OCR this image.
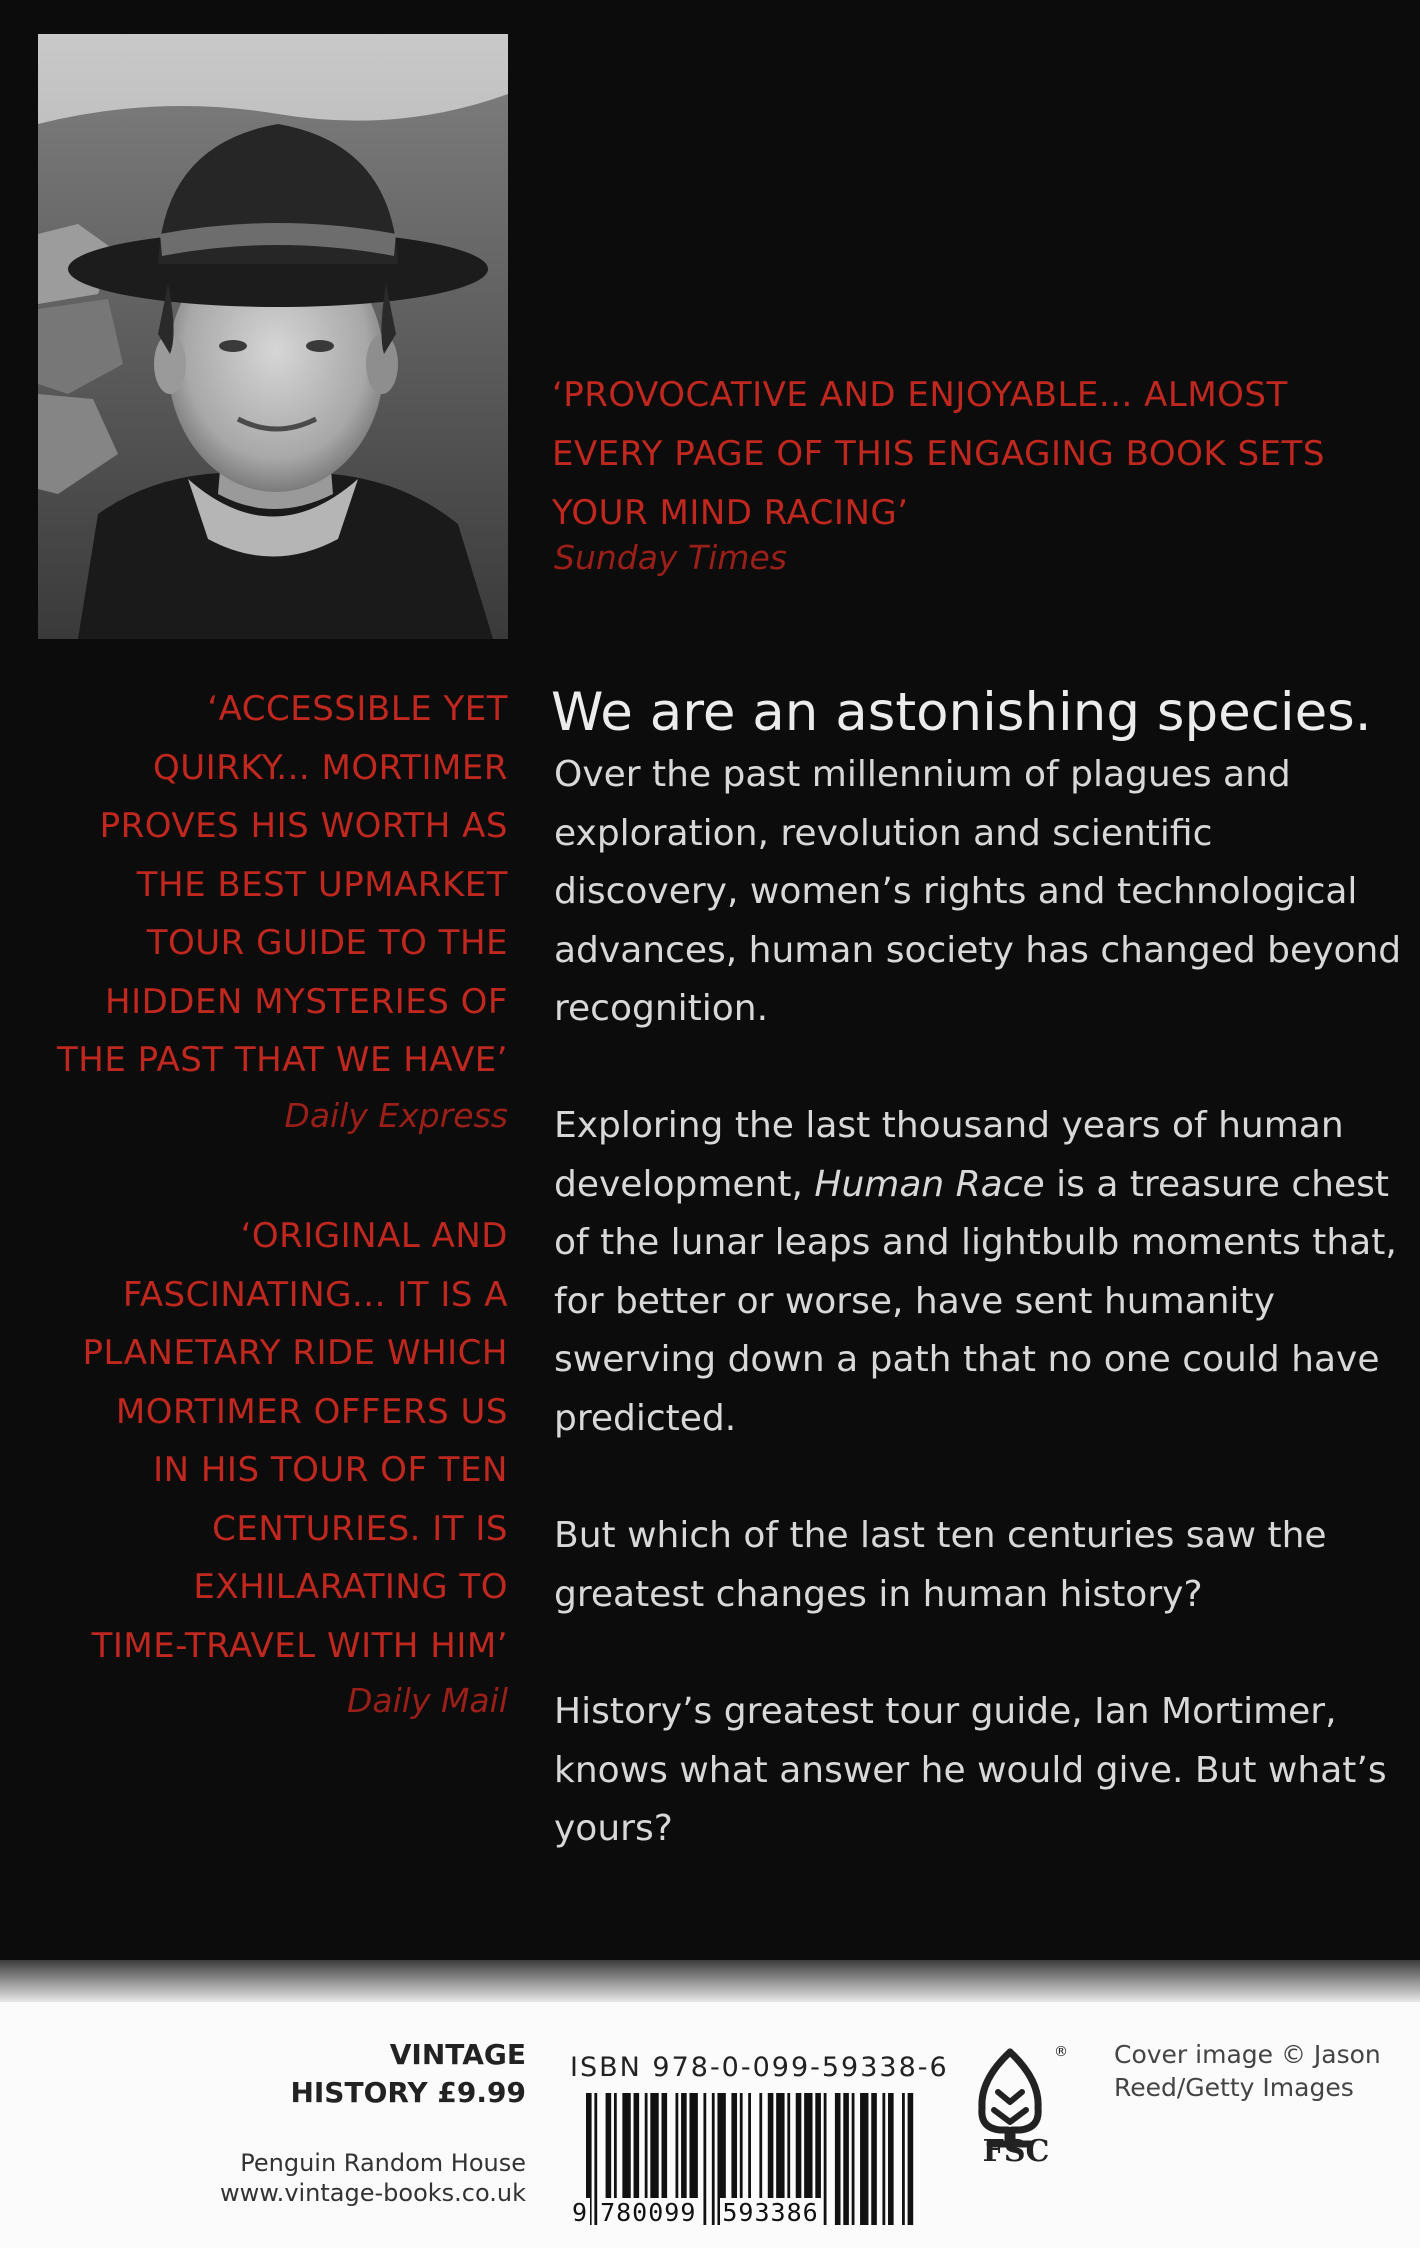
‘PROVOCATIVE AND ENJOYABLE... ALMOST EVERY PAGE OF THIS ENGAGING BOOK SETS YOUR MIND RACING’
Sunday Times
‘ACCESSIBLE YET
QUIRKY... MORTIMER
PROVES HIS WORTH AS
THE BEST UPMARKET
TOUR GUIDE TO THE
HIDDEN MYSTERIES OF
THE PAST THAT WE HAVE’
Daily Express
‘ORIGINAL AND
FASCINATING... IT IS A
PLANETARY RIDE WHICH
MORTIMER OFFERS US
IN HIS TOUR OF TEN
CENTURIES. IT IS
EXHILARATING TO
TIME-TRAVEL WITH HIM’
Daily Mail
We are an astonishing species.

Over the past millennium of plagues and exploration, revolution and scientific discovery, women’s rights and technological advances, human society has changed beyond recognition.

Exploring the last thousand years of human development, Human Race is a treasure chest of the lunar leaps and lightbulb moments that, for better or worse, have sent humanity swerving down a path that no one could have predicted.

But which of the last ten centuries saw the greatest changes in human history?

History’s greatest tour guide, Ian Mortimer, knows what answer he would give. But what’s yours?

VINTAGE
HISTORY £9.99
Penguin Random House
www.vintage-books.co.uk
ISBN 978-0-099-59338-6
9 780099 593386
®
FSC
Cover image © Jason Reed/Getty Images
